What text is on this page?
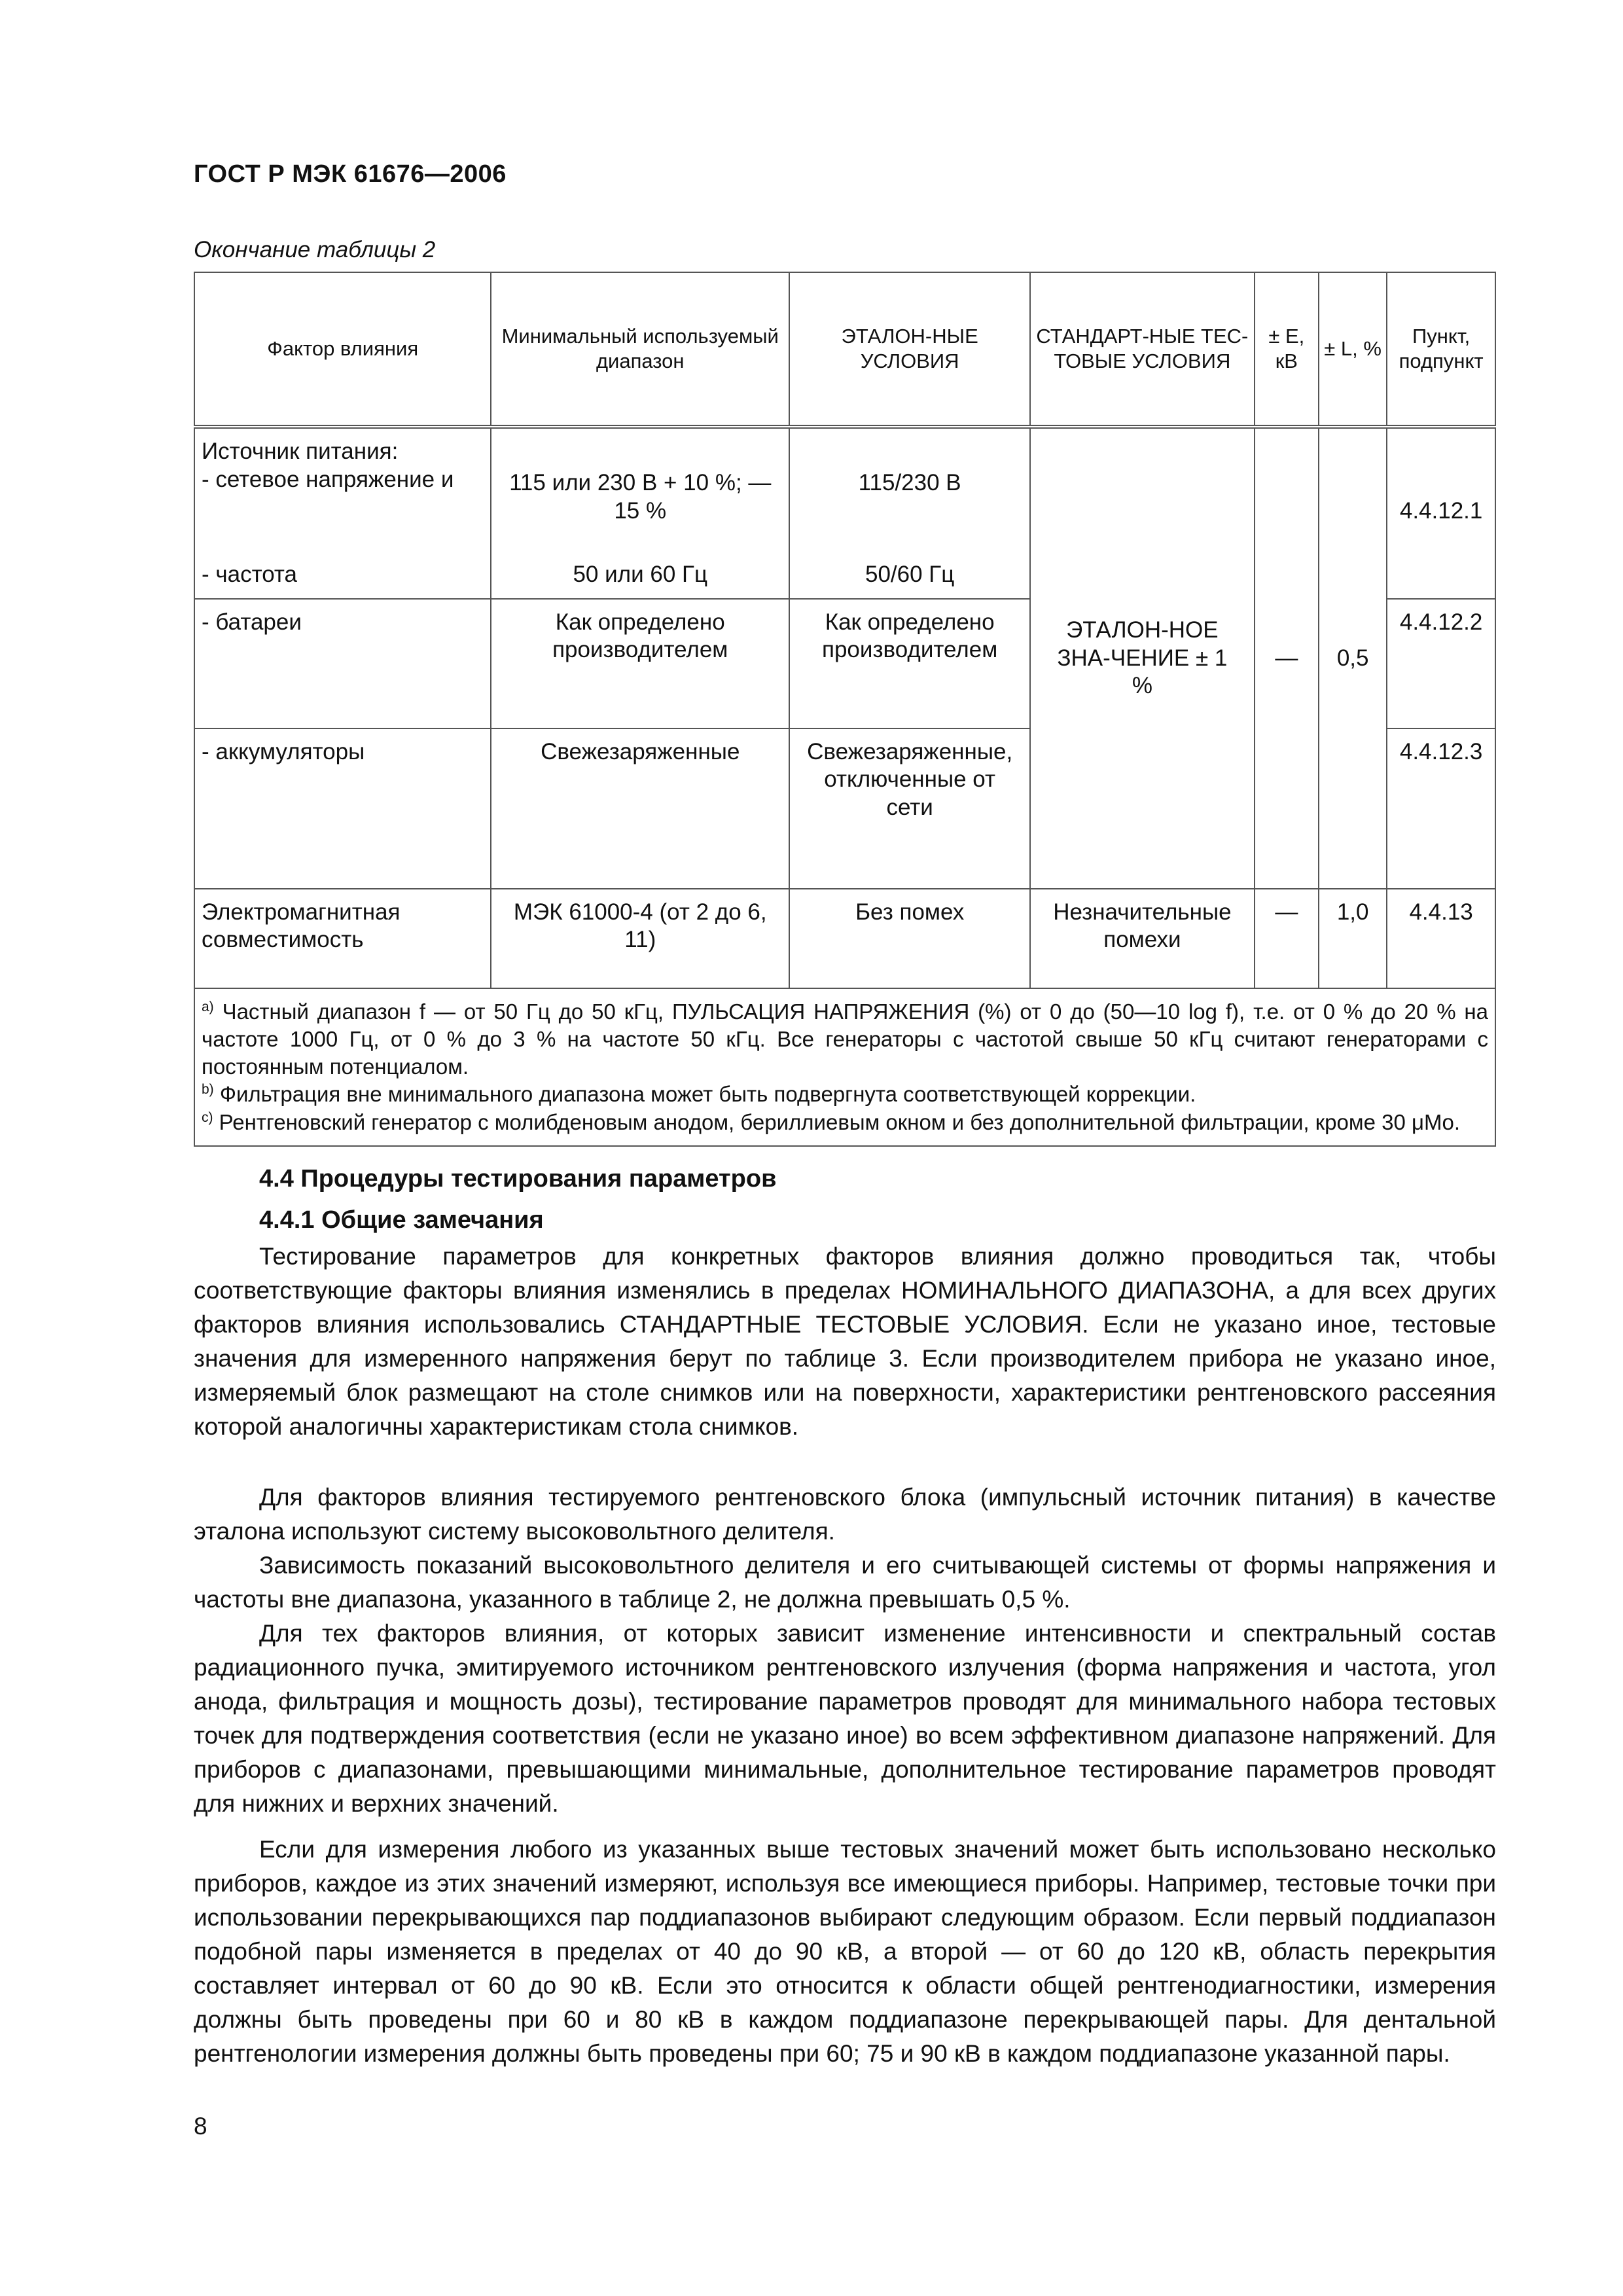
ГОСТ Р МЭК 61676—2006
Окончание таблицы 2
Фактор влияния	Минимальный используемый диапазон	ЭТАЛОН-НЫЕ УСЛОВИЯ	СТАНДАРТ-НЫЕ ТЕС-ТОВЫЕ УСЛОВИЯ	± E, кВ	± L, %	Пункт, подпункт

Источник питания:
- сетевое напряжение и	115 или 230 В + 10 %; —15 %	115/230 В	ЭТАЛОН-НОЕ ЗНА-ЧЕНИЕ ± 1 %	—	0,5	4.4.12.1
- частота	50 или 60 Гц	50/60 Гц				
- батареи	Как определено производителем	Как определено производителем				4.4.12.2
- аккумуляторы	Свежезаряженные	Свежезаряженные, отключенные от сети				4.4.12.3
Электромагнитная совместимость	МЭК 61000-4 (от 2 до 6, 11)	Без помех	Незначительные помехи	—	1,0	4.4.13

$^{a)}$ Частный диапазон f — от 50 Гц до 50 кГц, ПУЛЬСАЦИЯ НАПРЯЖЕНИЯ (%) от 0 до (50—10 log f), т.е. от 0 % до 20 % на частоте 1000 Гц, от 0 % до 3 % на частоте 50 кГц. Все генераторы с частотой свыше 50 кГц считают генераторами с постоянным потенциалом.
$^{b)}$ Фильтрация вне минимального диапазона может быть подвергнута соответствующей коррекции.
$^{c)}$ Рентгеновский генератор с молибденовым анодом, бериллиевым окном и без дополнительной фильтрации, кроме 30 μMo.						
4.4 Процедуры тестирования параметров
4.4.1 Общие замечания
Тестирование параметров для конкретных факторов влияния должно проводиться так, чтобы соответствующие факторы влияния изменялись в пределах НОМИНАЛЬНОГО ДИАПАЗОНА, а для всех других факторов влияния использовались СТАНДАРТНЫЕ ТЕСТОВЫЕ УСЛОВИЯ. Если не указано иное, тестовые значения для измеренного напряжения берут по таблице 3. Если производителем прибора не указано иное, измеряемый блок размещают на столе снимков или на поверхности, характеристики рентгеновского рассеяния которой аналогичны характеристикам стола снимков.
Для факторов влияния тестируемого рентгеновского блока (импульсный источник питания) в качестве эталона используют систему высоковольтного делителя.
Зависимость показаний высоковольтного делителя и его считывающей системы от формы напряжения и частоты вне диапазона, указанного в таблице 2, не должна превышать 0,5 %.
Для тех факторов влияния, от которых зависит изменение интенсивности и спектральный состав радиационного пучка, эмитируемого источником рентгеновского излучения (форма напряжения и частота, угол анода, фильтрация и мощность дозы), тестирование параметров проводят для минимального набора тестовых точек для подтверждения соответствия (если не указано иное) во всем эффективном диапазоне напряжений. Для приборов с диапазонами, превышающими минимальные, дополнительное тестирование параметров проводят для нижних и верхних значений.
Если для измерения любого из указанных выше тестовых значений может быть использовано несколько приборов, каждое из этих значений измеряют, используя все имеющиеся приборы. Например, тестовые точки при использовании перекрывающихся пар поддиапазонов выбирают следующим образом. Если первый поддиапазон подобной пары изменяется в пределах от 40 до 90 кВ, а второй — от 60 до 120 кВ, область перекрытия составляет интервал от 60 до 90 кВ. Если это относится к области общей рентгенодиагностики, измерения должны быть проведены при 60 и 80 кВ в каждом поддиапазоне перекрывающей пары. Для дентальной рентгенологии измерения должны быть проведены при 60; 75 и 90 кВ в каждом поддиапазоне указанной пары.
8
